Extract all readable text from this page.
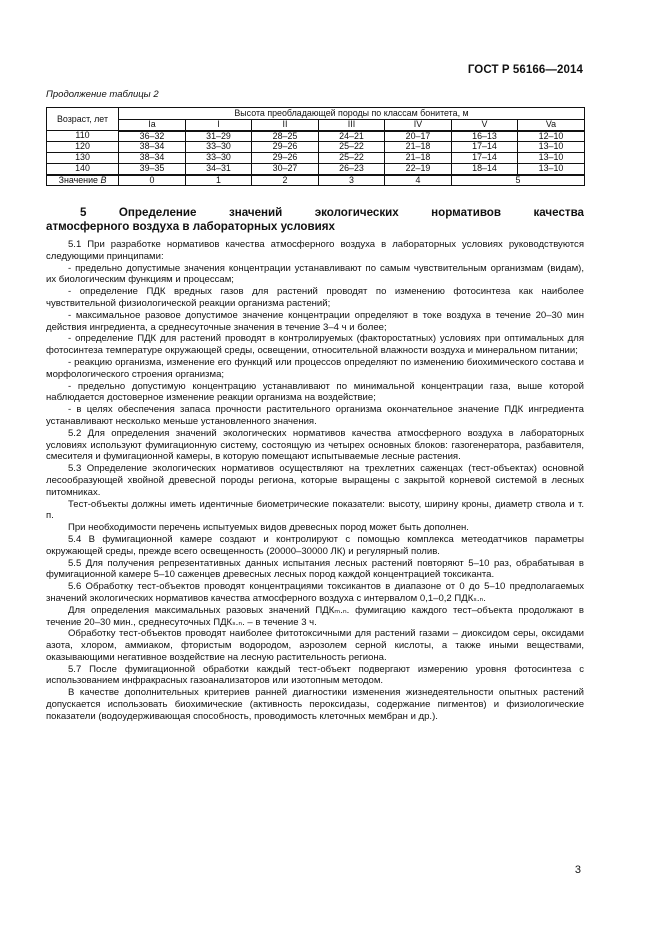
ГОСТ Р 56166—2014
Продолжение таблицы 2
Возраст, лет	Высота преобладающей породы по классам бонитета, м						
	Ia	I	II	III	IV	V	Va
110	36–32	31–29	28–25	24–21	20–17	16–13	12–10
120	38–34	33–30	29–26	25–22	21–18	17–14	13–10
130	38–34	33–30	29–26	25–22	21–18	17–14	13–10
140	39–35	34–31	30–27	26–23	22–19	18–14	13–10
Значение B	0	1	2	3	4	5	
5	Определение	значений	экологических	нормативов	качества
атмосферного воздуха в лабораторных условиях

5.1 При разработке нормативов качества атмосферного воздуха в лабораторных условиях руководствуются следующими принципами:

- предельно допустимые значения концентрации устанавливают по самым чувствительным организмам (видам), их биологическим функциям и процессам;

- определение ПДК вредных газов для растений проводят по изменению фотосинтеза как наиболее чувствительной физиологической реакции организма растений;

- максимальное разовое допустимое значение концентрации определяют в токе воздуха в течение 20–30 мин действия ингредиента, а среднесуточные значения в течение 3–4 ч и более;

- определение ПДК для растений проводят в контролируемых (факторостатных) условиях при оптимальных для фотосинтеза температуре окружающей среды, освещении, относительной влажности воздуха и минеральном питании;

- реакцию организма, изменение его функций или процессов определяют по изменению биохимического состава и морфологического строения организма;

- предельно допустимую концентрацию устанавливают по минимальной концентрации газа, выше которой наблюдается достоверное изменение реакции организма на воздействие;

- в целях обеспечения запаса прочности растительного организма окончательное значение ПДК ингредиента устанавливают несколько меньше установленного значения.

5.2 Для определения значений экологических нормативов качества атмосферного воздуха в лабораторных условиях используют фумигационную систему, состоящую из четырех основных блоков: газогенератора, разбавителя, смесителя и фумигационной камеры, в которую помещают испытываемые лесные растения.

5.3 Определение экологических нормативов осуществляют на трехлетних саженцах (тест-объектах) основной лесообразующей хвойной древесной породы региона, которые выращены с закрытой корневой системой в лесных питомниках.

Тест-объекты должны иметь идентичные биометрические показатели: высоту, ширину кроны, диаметр ствола и т. п.

При необходимости перечень испытуемых видов древесных пород может быть дополнен.

5.4 В фумигационной камере создают и контролируют с помощью комплекса метеодатчиков параметры окружающей среды, прежде всего освещенность (20000–30000 ЛК) и регулярный полив.

5.5 Для получения репрезентативных данных испытания лесных растений повторяют 5–10 раз, обрабатывая в фумигационной камере 5–10 саженцев древесных лесных пород каждой концентрацией токсиканта.

5.6 Обработку тест-объектов проводят концентрациями токсикантов в диапазоне от 0 до 5–10 предполагаемых значений экологических нормативов качества атмосферного воздуха с интервалом 0,1–0,2 ПДКₛ.ₙ.

Для определения максимальных разовых значений ПДКₘ.ₙ. фумигацию каждого тест–объекта продолжают в течение 20–30 мин., среднесуточных ПДКₛ.ₙ. – в течение 3 ч.

Обработку тест-объектов проводят наиболее фитотоксичными для растений газами – диоксидом серы, оксидами азота, хлором, аммиаком, фтористым водородом, аэрозолем серной кислоты, а также иными веществами, оказывающими негативное воздействие на лесную растительность региона.

5.7 После фумигационной обработки каждый тест-объект подвергают измерению уровня фотосинтеза с использованием инфракрасных газоанализаторов или изотопным методом.

В качестве дополнительных критериев ранней диагностики изменения жизнедеятельности опытных растений допускается использовать биохимические (активность пероксидазы, содержание пигментов) и физиологические показатели (водоудерживающая способность, проводимость клеточных мембран и др.).

3
